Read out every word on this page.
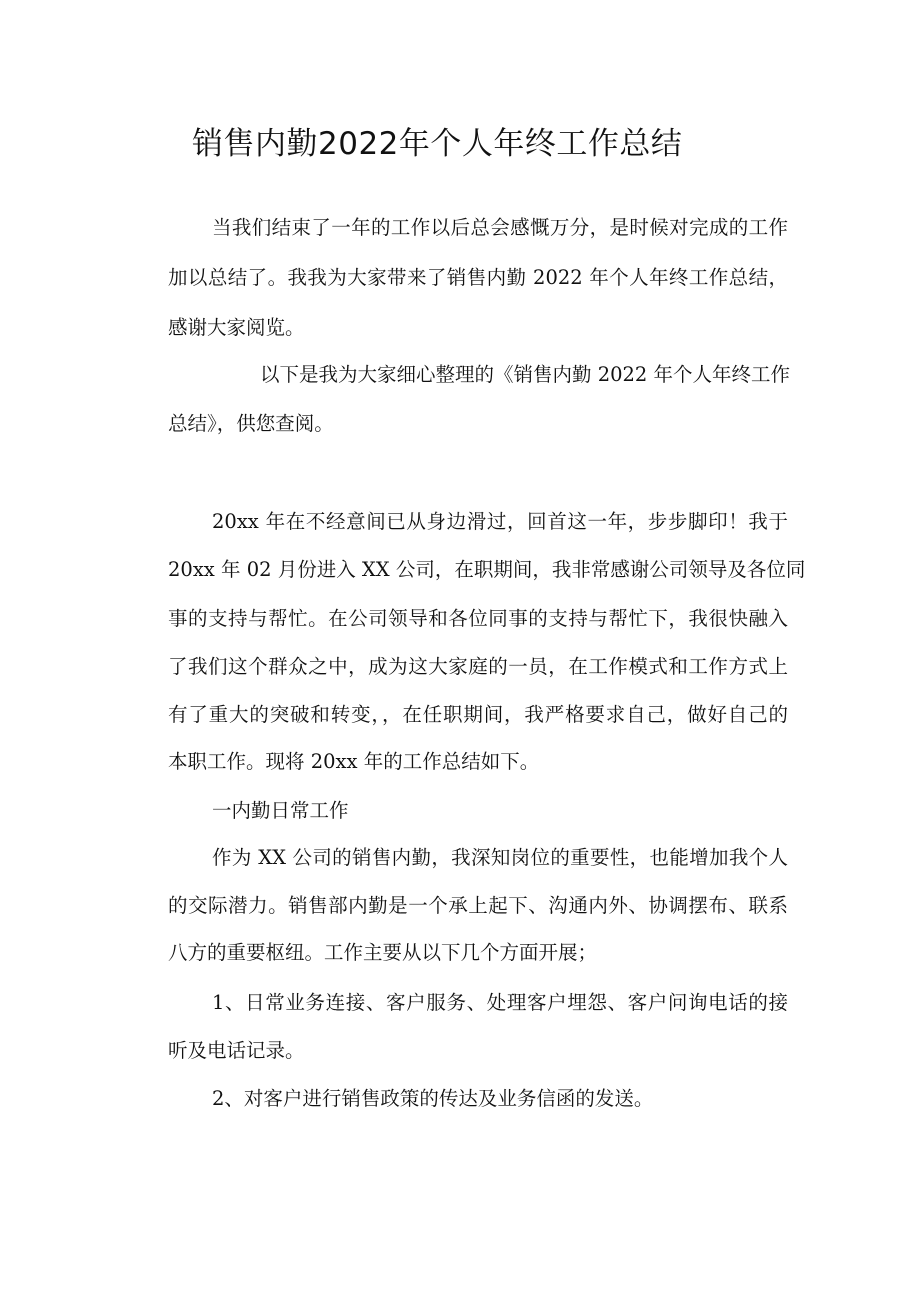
销售内勤2022年个人年终工作总结
当我们结束了一年的工作以后总会感慨万分，是时候对完成的工作
加以总结了。我我为大家带来了销售内勤 2022 年个人年终工作总结，
感谢大家阅览。
以下是我为大家细心整理的《销售内勤 2022 年个人年终工作
总结》，供您查阅。
20xx 年在不经意间已从身边滑过，回首这一年，步步脚印！我于
20xx 年 02 月份进入 XX 公司，在职期间，我非常感谢公司领导及各位同
事的支持与帮忙。在公司领导和各位同事的支持与帮忙下，我很快融入
了我们这个群众之中，成为这大家庭的一员，在工作模式和工作方式上
有了重大的突破和转变，，在任职期间，我严格要求自己，做好自己的
本职工作。现将 20xx 年的工作总结如下。
一内勤日常工作
作为 XX 公司的销售内勤，我深知岗位的重要性，也能增加我个人
的交际潜力。销售部内勤是一个承上起下、沟通内外、协调摆布、联系
八方的重要枢纽。工作主要从以下几个方面开展；
1、日常业务连接、客户服务、处理客户埋怨、客户问询电话的接
听及电话记录。
2、对客户进行销售政策的传达及业务信函的发送。
